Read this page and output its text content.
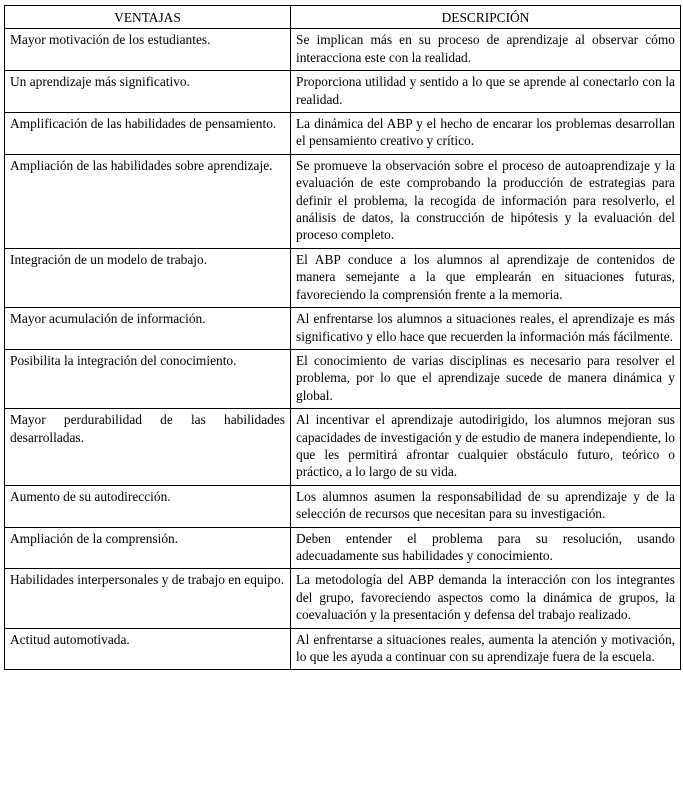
VENTAJAS	DESCRIPCIÓN
Mayor motivación de los estudiantes.	Se implican más en su proceso de aprendizaje al observar cómo interacciona este con la realidad.
Un aprendizaje más significativo.	Proporciona utilidad y sentido a lo que se aprende al conectarlo con la realidad.
Amplificación de las habilidades de pensamiento.	La dinámica del ABP y el hecho de encarar los problemas desarrollan el pensamiento creativo y crítico.
Ampliación de las habilidades sobre aprendizaje.	Se promueve la observación sobre el proceso de autoaprendizaje y la evaluación de este comprobando la producción de estrategias para definir el problema, la recogida de información para resolverlo, el análisis de datos, la construcción de hipótesis y la evaluación del proceso completo.
Integración de un modelo de trabajo.	El ABP conduce a los alumnos al aprendizaje de contenidos de manera semejante a la que emplearán en situaciones futuras, favoreciendo la comprensión frente a la memoria.
Mayor acumulación de información.	Al enfrentarse los alumnos a situaciones reales, el aprendizaje es más significativo y ello hace que recuerden la información más fácilmente.
Posibilita la integración del conocimiento.	El conocimiento de varias disciplinas es necesario para resolver el problema, por lo que el aprendizaje sucede de manera dinámica y global.
Mayor perdurabilidad de las habilidades desarrolladas.	Al incentivar el aprendizaje autodirigido, los alumnos mejoran sus capacidades de investigación y de estudio de manera independiente, lo que les permitirá afrontar cualquier obstáculo futuro, teórico o práctico, a lo largo de su vida.
Aumento de su autodirección.	Los alumnos asumen la responsabilidad de su aprendizaje y de la selección de recursos que necesitan para su investigación.
Ampliación de la comprensión.	Deben entender el problema para su resolución, usando adecuadamente sus habilidades y conocimiento.
Habilidades interpersonales y de trabajo en equipo.	La metodología del ABP demanda la interacción con los integrantes del grupo, favoreciendo aspectos como la dinámica de grupos, la coevaluación y la presentación y defensa del trabajo realizado.
Actitud automotivada.	Al enfrentarse a situaciones reales, aumenta la atención y motivación, lo que les ayuda a continuar con su aprendizaje fuera de la escuela.
